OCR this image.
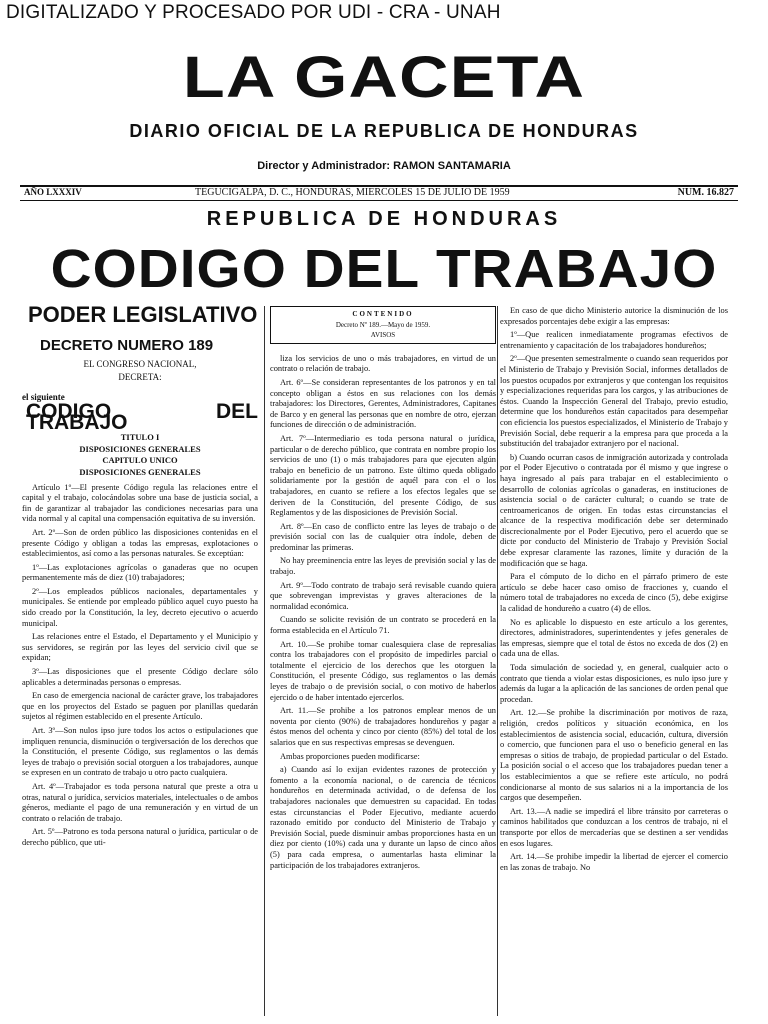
DIGITALIZADO Y PROCESADO POR UDI - CRA - UNAH
LA GACETA
DIARIO OFICIAL DE LA REPUBLICA DE HONDURAS
Director y Administrador: RAMON SANTAMARIA
AÑO LXXXIV	TEGUCIGALPA, D. C., HONDURAS, MIERCOLES 15 DE JULIO DE 1959	NUM. 16.827
REPUBLICA DE HONDURAS
CODIGO DEL TRABAJO
PODER LEGISLATIVO
DECRETO NUMERO 189
EL CONGRESO NACIONAL,
DECRETA:
el siguiente
CODIGO DEL TRABAJO
TITULO I
DISPOSICIONES GENERALES
CAPITULO UNICO
DISPOSICIONES GENERALES

Artículo 1º—El presente Código regula las relaciones entre el capital y el trabajo, colocándolas sobre una base de justicia social, a fin de garantizar al trabajador las condiciones necesarias para una vida normal y al capital una compensación equitativa de su inversión.

Art. 2º—Son de orden público las disposiciones contenidas en el presente Código y obligan a todas las empresas, explotaciones o establecimientos, así como a las personas naturales. Se exceptúan:

1º—Las explotaciones agrícolas o ganaderas que no ocupen permanentemente más de diez (10) trabajadores;

2º—Los empleados públicos nacionales, departamentales y municipales. Se entiende por empleado público aquel cuyo puesto ha sido creado por la Constitución, la ley, decreto ejecutivo o acuerdo municipal.

Las relaciones entre el Estado, el Departamento y el Municipio y sus servidores, se regirán por las leyes del servicio civil que se expidan;

3º—Las disposiciones que el presente Código declare sólo aplicables a determinadas personas o empresas.

En caso de emergencia nacional de carácter grave, los trabajadores que en los proyectos del Estado se paguen por planillas quedarán sujetos al régimen establecido en el presente Artículo.

Art. 3º—Son nulos ipso jure todos los actos o estipulaciones que impliquen renuncia, disminución o tergiversación de los derechos que la Constitución, el presente Código, sus reglamentos o las demás leyes de trabajo o previsión social otorguen a los trabajadores, aunque se expresen en un contrato de trabajo u otro pacto cualquiera.

Art. 4º—Trabajador es toda persona natural que preste a otra u otras, natural o jurídica, servicios materiales, intelectuales o de ambos géneros, mediante el pago de una remuneración y en virtud de un contrato o relación de trabajo.

Art. 5º—Patrono es toda persona natural o jurídica, particular o de derecho público, que uti-

CONTENIDO
Decreto Nº 189.—Mayo de 1959.
AVISOS

liza los servicios de uno o más trabajadores, en virtud de un contrato o relación de trabajo.

Art. 6º—Se consideran representantes de los patronos y en tal concepto obligan a éstos en sus relaciones con los demás trabajadores: los Directores, Gerentes, Administradores, Capitanes de Barco y en general las personas que en nombre de otro, ejerzan funciones de dirección o de administración.

Art. 7º—Intermediario es toda persona natural o jurídica, particular o de derecho público, que contrata en nombre propio los servicios de uno (1) o más trabajadores para que ejecuten algún trabajo en beneficio de un patrono. Este último queda obligado solidariamente por la gestión de aquél para con el o los trabajadores, en cuanto se refiere a los efectos legales que se deriven de la Constitución, del presente Código, de sus Reglamentos y de las disposiciones de Previsión Social.

Art. 8º—En caso de conflicto entre las leyes de trabajo o de previsión social con las de cualquier otra índole, deben de predominar las primeras.

No hay preeminencia entre las leyes de previsión social y las de trabajo.

Art. 9º—Todo contrato de trabajo será revisable cuando quiera que sobrevengan imprevistas y graves alteraciones de la normalidad económica.

Cuando se solicite revisión de un contrato se procederá en la forma establecida en el Artículo 71.

Art. 10.—Se prohibe tomar cualesquiera clase de represalias contra los trabajadores con el propósito de impedirles parcial o totalmente el ejercicio de los derechos que les otorguen la Constitución, el presente Código, sus reglamentos o las demás leyes de trabajo o de previsión social, o con motivo de haberlos ejercido o de haber intentado ejercerlos.

Art. 11.—Se prohibe a los patronos emplear menos de un noventa por ciento (90%) de trabajadores hondureños y pagar a éstos menos del ochenta y cinco por ciento (85%) del total de los salarios que en sus respectivas empresas se devenguen.

Ambas proporciones pueden modificarse:

a) Cuando así lo exijan evidentes razones de protección y fomento a la economía nacional, o de carencia de técnicos hondureños en determinada actividad, o de defensa de los trabajadores nacionales que demuestren su capacidad. En todas estas circunstancias el Poder Ejecutivo, mediante acuerdo razonado emitido por conducto del Ministerio de Trabajo y Previsión Social, puede disminuir ambas proporciones hasta en un diez por ciento (10%) cada una y durante un lapso de cinco años (5) para cada empresa, o aumentarlas hasta eliminar la participación de los trabajadores extranjeros.

En caso de que dicho Ministerio autorice la disminución de los expresados porcentajes debe exigir a las empresas:

1º—Que realicen inmediatamente programas efectivos de entrenamiento y capacitación de los trabajadores hondureños;

2º—Que presenten semestralmente o cuando sean requeridos por el Ministerio de Trabajo y Previsión Social, informes detallados de los puestos ocupados por extranjeros y que contengan los requisitos y especializaciones requeridas para los cargos, y las atribuciones de éstos. Cuando la Inspección General del Trabajo, previo estudio, determine que los hondureños están capacitados para desempeñar con eficiencia los puestos especializados, el Ministerio de Trabajo y Previsión Social, debe requerir a la empresa para que proceda a la substitución del trabajador extranjero por el nacional.

b) Cuando ocurran casos de inmigración autorizada y controlada por el Poder Ejecutivo o contratada por él mismo y que ingrese o haya ingresado al país para trabajar en el establecimiento o desarrollo de colonias agrícolas o ganaderas, en instituciones de asistencia social o de carácter cultural; o cuando se trate de centroamericanos de origen. En todas estas circunstancias el alcance de la respectiva modificación debe ser determinado discrecionalmente por el Poder Ejecutivo, pero el acuerdo que se dicte por conducto del Ministerio de Trabajo y Previsión Social debe expresar claramente las razones, límite y duración de la modificación que se haga.

Para el cómputo de lo dicho en el párrafo primero de este artículo se debe hacer caso omiso de fracciones y, cuando el número total de trabajadores no exceda de cinco (5), debe exigirse la calidad de hondureño a cuatro (4) de ellos.

No es aplicable lo dispuesto en este artículo a los gerentes, directores, administradores, superintendentes y jefes generales de las empresas, siempre que el total de éstos no exceda de dos (2) en cada una de ellas.

Toda simulación de sociedad y, en general, cualquier acto o contrato que tienda a violar estas disposiciones, es nulo ipso jure y además da lugar a la aplicación de las sanciones de orden penal que procedan.

Art. 12.—Se prohibe la discriminación por motivos de raza, religión, credos políticos y situación económica, en los establecimientos de asistencia social, educación, cultura, diversión o comercio, que funcionen para el uso o beneficio general en las empresas o sitios de trabajo, de propiedad particular o del Estado. La posición social o el acceso que los trabajadores puedan tener a los establecimientos a que se refiere este artículo, no podrá condicionarse al monto de sus salarios ni a la importancia de los cargos que desempeñen.

Art. 13.—A nadie se impedirá el libre tránsito por carreteras o caminos habilitados que conduzcan a los centros de trabajo, ni el transporte por ellos de mercaderías que se destinen a ser vendidas en esos lugares.

Art. 14.—Se prohibe impedir la libertad de ejercer el comercio en las zonas de trabajo. No
